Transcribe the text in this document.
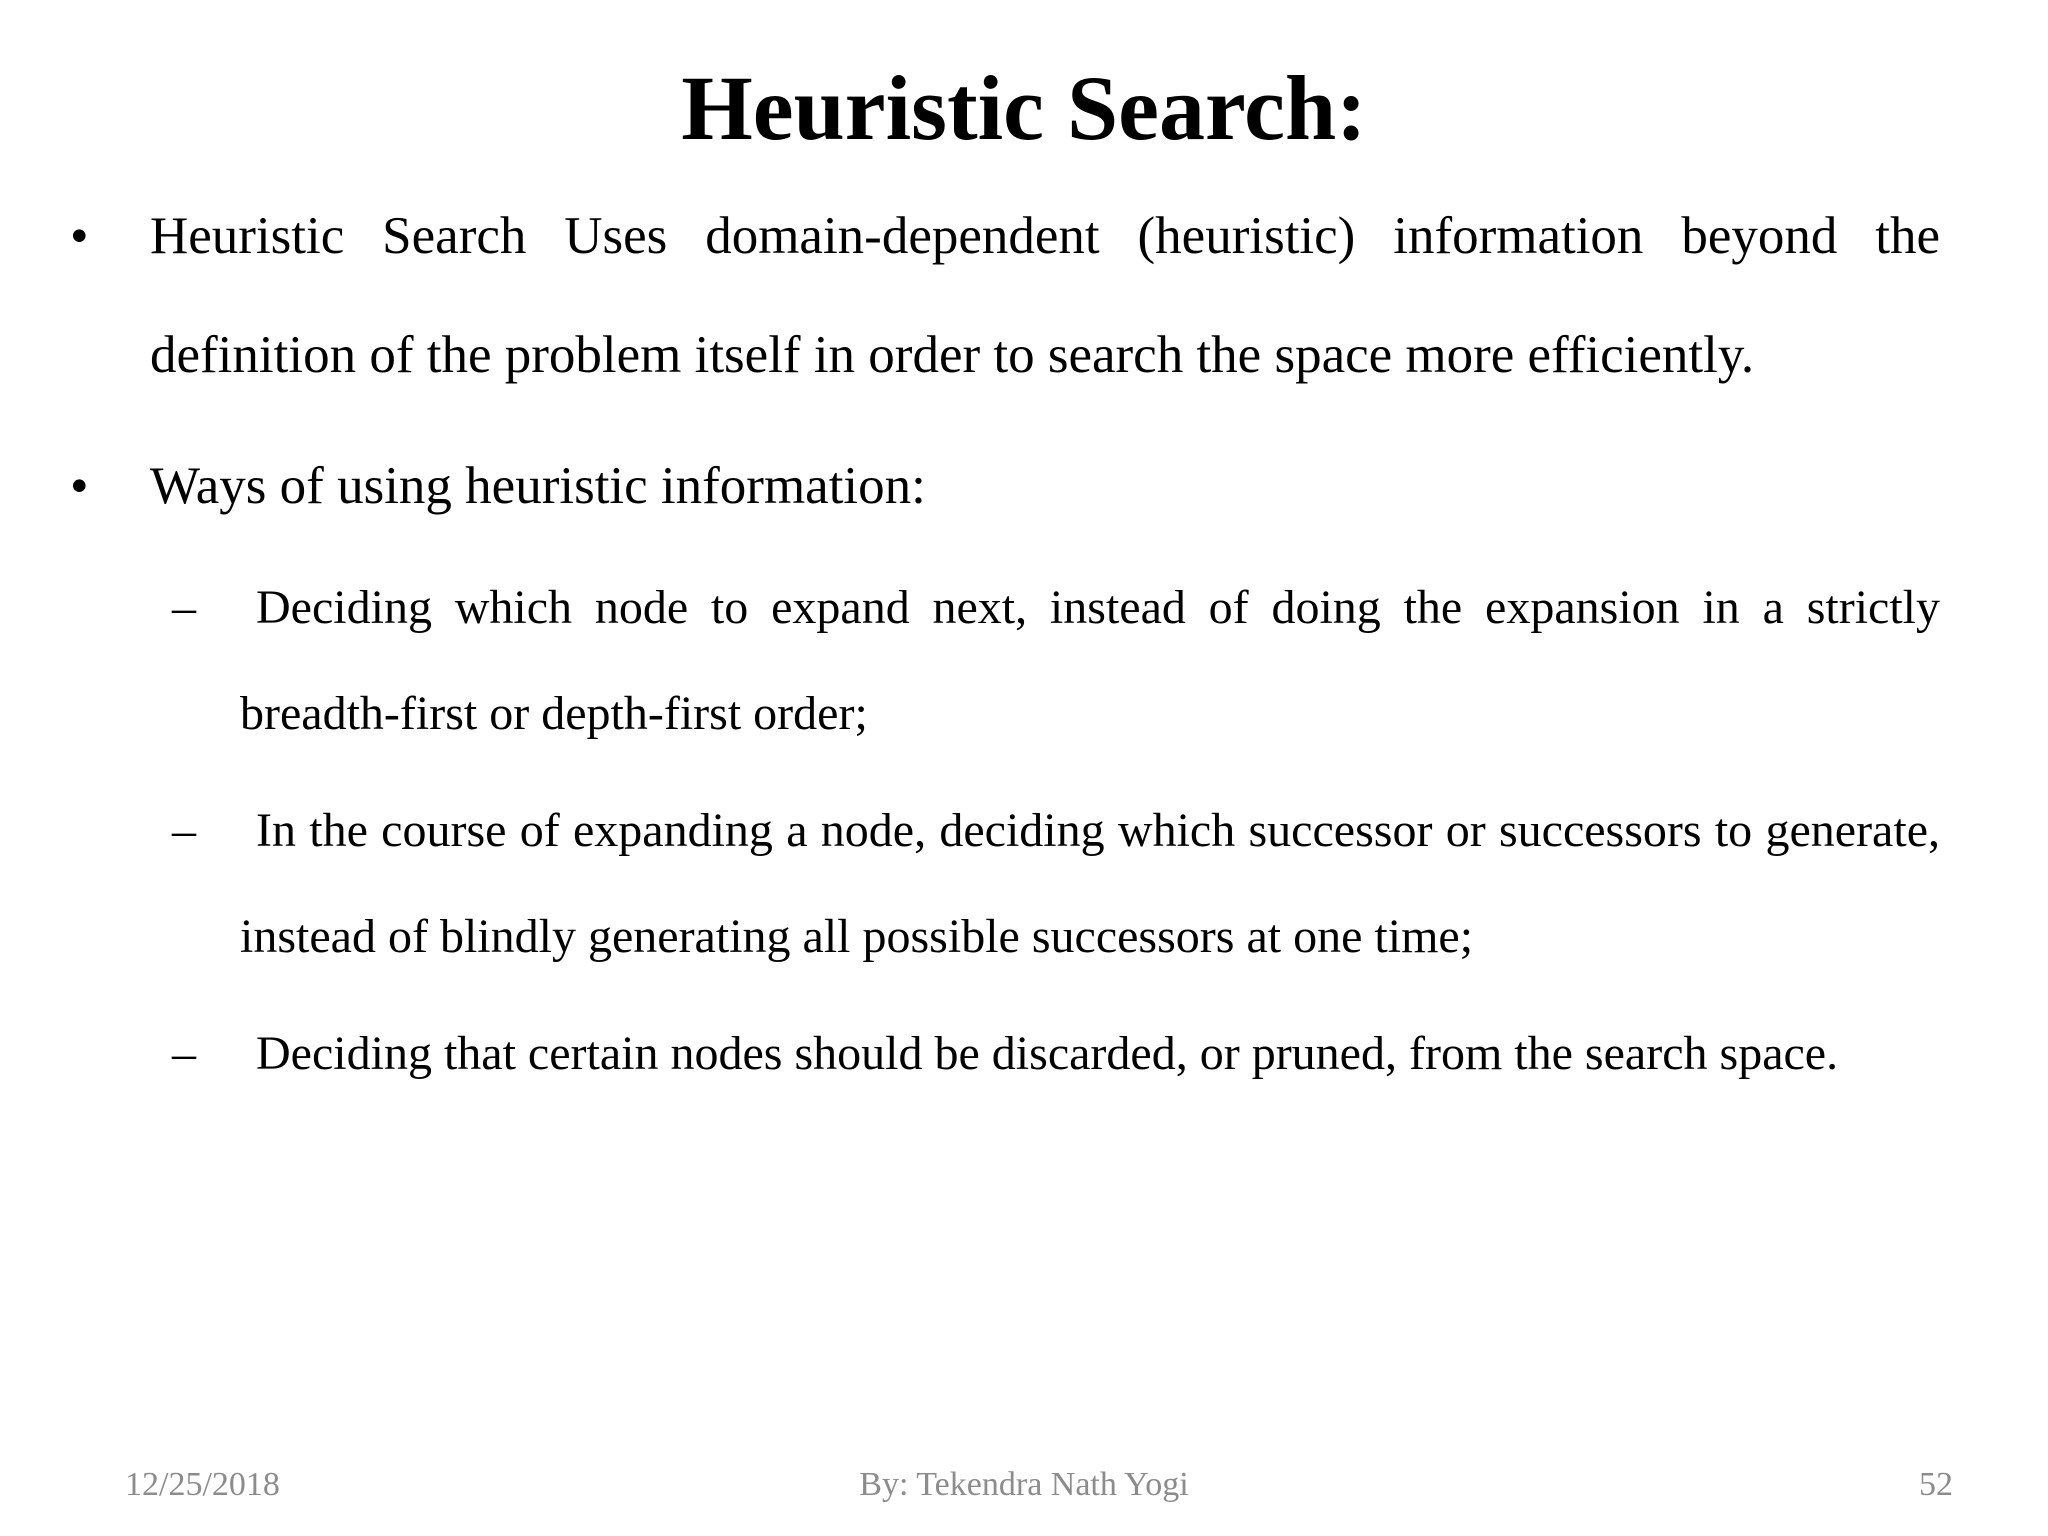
Heuristic Search:
•	Heuristic Search Uses domain-dependent (heuristic) information beyond the definition of the problem itself in order to search the space more efficiently.
•	Ways of using heuristic information:
–	Deciding which node to expand next, instead of doing the expansion in a strictly breadth-first or depth-first order;
–	In the course of expanding a node, deciding which successor or successors to generate, instead of blindly generating all possible successors at one time;
–	Deciding that certain nodes should be discarded, or pruned, from the search space.
12/25/2018	By: Tekendra Nath Yogi	52
